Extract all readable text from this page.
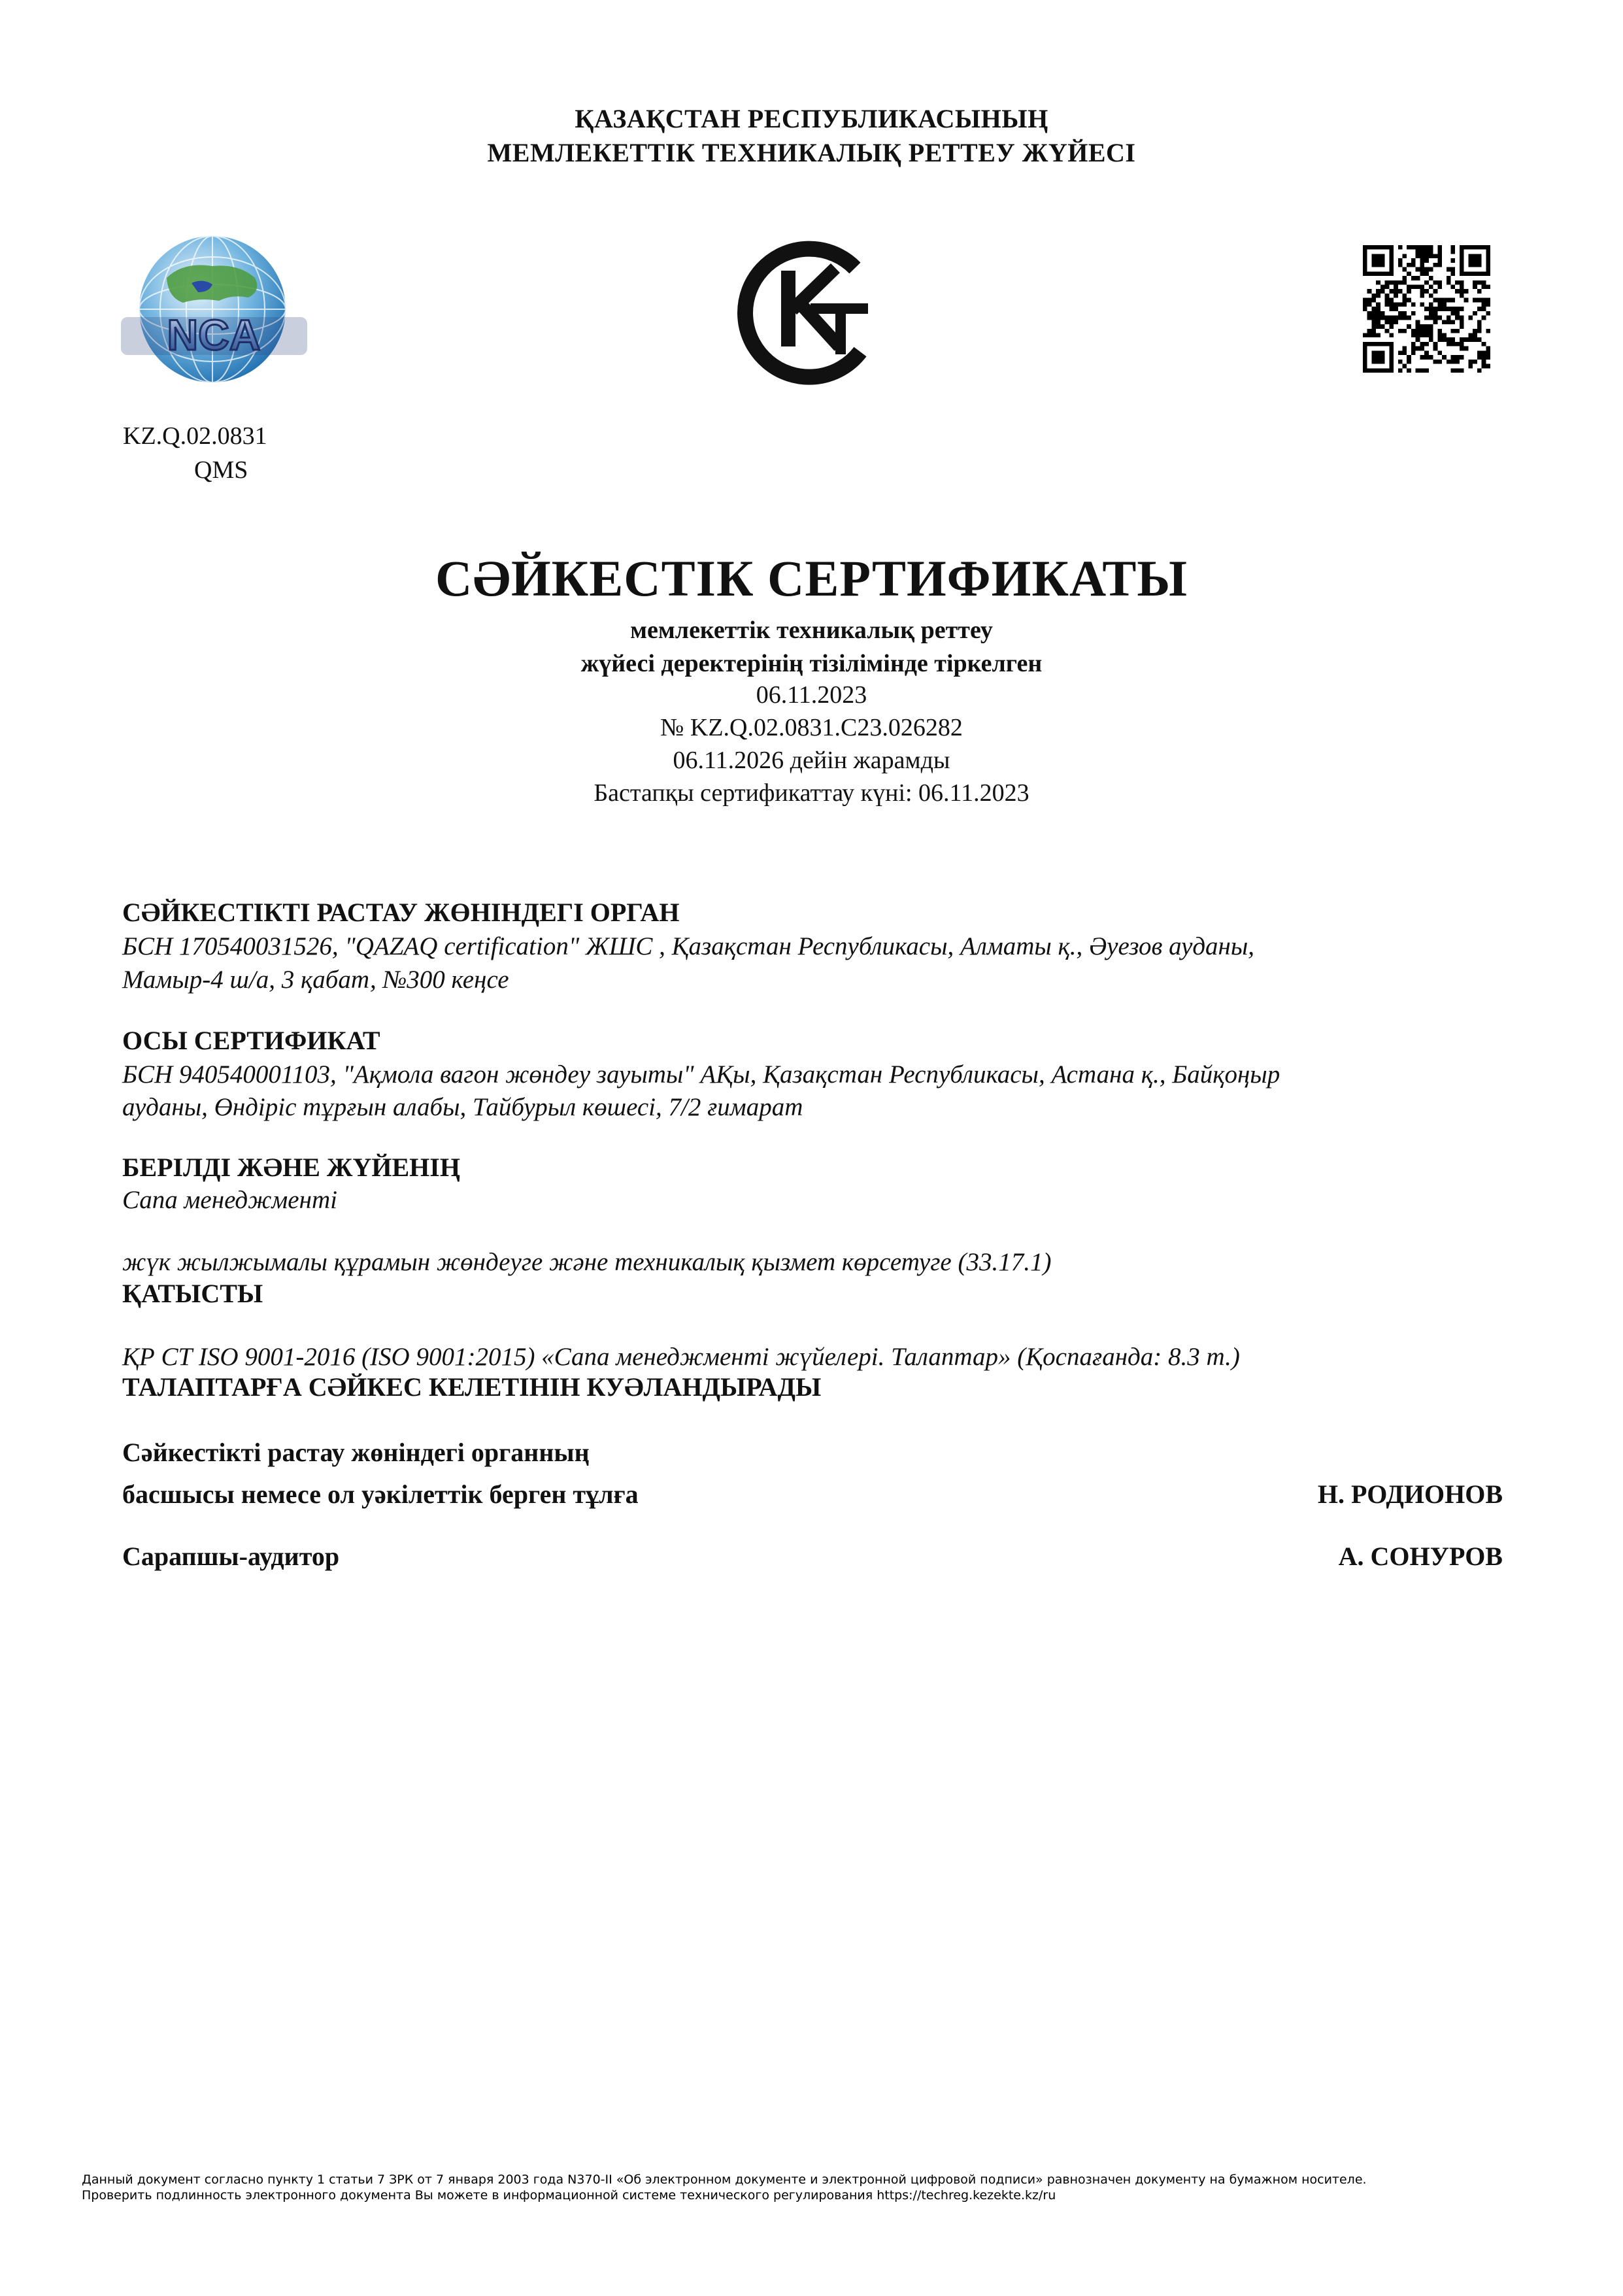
ҚАЗАҚСТАН РЕСПУБЛИКАСЫНЫҢ
МЕМЛЕКЕТТІК ТЕХНИКАЛЫҚ РЕТТЕУ ЖҮЙЕСІ
NCA
KT
KZ.Q.02.0831
QMS
СӘЙКЕСТІК СЕРТИФИКАТЫ
мемлекеттік техникалық реттеу
жүйесі деректерінің тізілімінде тіркелген
06.11.2023
№ KZ.Q.02.0831.C23.026282
06.11.2026 дейін жарамды
Бастапқы сертификаттау күні: 06.11.2023
СӘЙКЕСТІКТІ РАСТАУ ЖӨНІНДЕГІ ОРГАН
БСН 170540031526, "QAZAQ certification" ЖШС , Қазақстан Республикасы, Алматы қ., Әуезов ауданы,
Мамыр-4 ш/а, 3 қабат, №300 кеңсе
ОСЫ СЕРТИФИКАТ
БСН 940540001103, "Ақмола вагон жөндеу зауыты" АҚы, Қазақстан Республикасы, Астана қ., Байқоңыр
ауданы, Өндіріс тұрғын алабы, Тайбурыл көшесі, 7/2 ғимарат
БЕРІЛДІ ЖӘНЕ ЖҮЙЕНІҢ
Сапа менеджменті
жүк жылжымалы құрамын жөндеуге және техникалық қызмет көрсетуге (33.17.1)
ҚАТЫСТЫ
ҚР СТ ISO 9001-2016 (ISO 9001:2015) «Сапа менеджменті жүйелері. Талаптар» (Қоспағанда: 8.3 т.)
ТАЛАПТАРҒА СӘЙКЕС КЕЛЕТІНІН КУӘЛАНДЫРАДЫ
Сәйкестікті растау жөніндегі органның
басшысы немесе ол уәкілеттік берген тұлға	Н. РОДИОНОВ
Сарапшы-аудитор	А. СОНУРОВ
Данный документ согласно пункту 1 статьи 7 ЗРК от 7 января 2003 года N370-II «Об электронном документе и электронной цифровой подписи» равнозначен документу на бумажном носителе.
Проверить подлинность электронного документа Вы можете в информационной системе технического регулирования https://techreg.kezekte.kz/ru
